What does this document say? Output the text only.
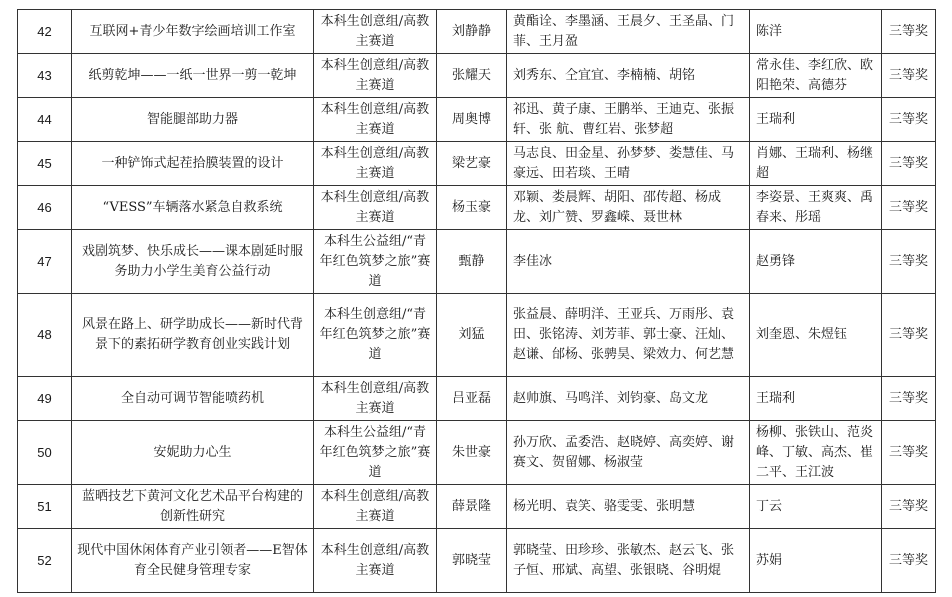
42	互联网+青少年数字绘画培训工作室	本科生创意组/高教主赛道	刘静静	黄酯诠、李墨涵、王晨夕、王圣晶、门菲、王月盈	陈洋	三等奖
43	纸剪乾坤——一纸一世界一剪一乾坤	本科生创意组/高教主赛道	张耀天	刘秀东、仝宜宜、李楠楠、胡铭	常永佳、李红欣、欧阳艳荣、高德芬	三等奖
44	智能腿部助力器	本科生创意组/高教主赛道	周奥博	祁迅、黄子康、王鹏举、王迪克、张振轩、张 航、曹红岩、张梦超	王瑞利	三等奖
45	一种铲饰式起茬拾膜装置的设计	本科生创意组/高教主赛道	梁艺豪	马志良、田金星、孙梦梦、娄慧佳、马豪远、田若琰、王晴	肖娜、王瑞利、杨继超	三等奖
46	“VESS”车辆落水紧急自救系统	本科生创意组/高教主赛道	杨玉豪	邓颖、娄晨辉、胡阳、邵传超、杨成龙、刘广赞、罗鑫嵘、聂世林	李姿景、王爽爽、禹春来、彤瑶	三等奖
47	戏剧筑梦、快乐成长——课本剧延时服务助力小学生美育公益行动	本科生公益组/“青年红色筑梦之旅”赛道	甄静	李佳冰	赵勇锋	三等奖
48	风景在路上、研学助成长——新时代背景下的素拓研学教育创业实践计划	本科生创意组/“青年红色筑梦之旅”赛道	刘猛	张益晨、薛明洋、王亚兵、万雨彤、袁田、张铭涛、刘芳菲、郭士豪、汪灿、赵谦、邰杨、张骋昊、梁效力、何艺慧	刘奎恩、朱煜钰	三等奖
49	全自动可调节智能喷药机	本科生创意组/高教主赛道	吕亚磊	赵帅旗、马鸣洋、刘钧豪、岛文龙	王瑞利	三等奖
50	安妮助力心生	本科生公益组/“青年红色筑梦之旅”赛道	朱世豪	孙万欣、孟委浩、赵晓婷、高奕婷、谢赛文、贺留娜、杨淑莹	杨柳、张铁山、范炎峰、丁敏、高杰、崔二平、王江波	三等奖
51	蓝晒技艺下黄河文化艺术品平台构建的创新性研究	本科生创意组/高教主赛道	薛景隆	杨光明、袁笑、骆雯雯、张明慧	丁云	三等奖
52	现代中国休闲体育产业引领者——E智体育全民健身管理专家	本科生创意组/高教主赛道	郭晓莹	郭晓莹、田珍珍、张敏杰、赵云飞、张子恒、邢斌、高望、张银晓、谷明焜	苏娟	三等奖
